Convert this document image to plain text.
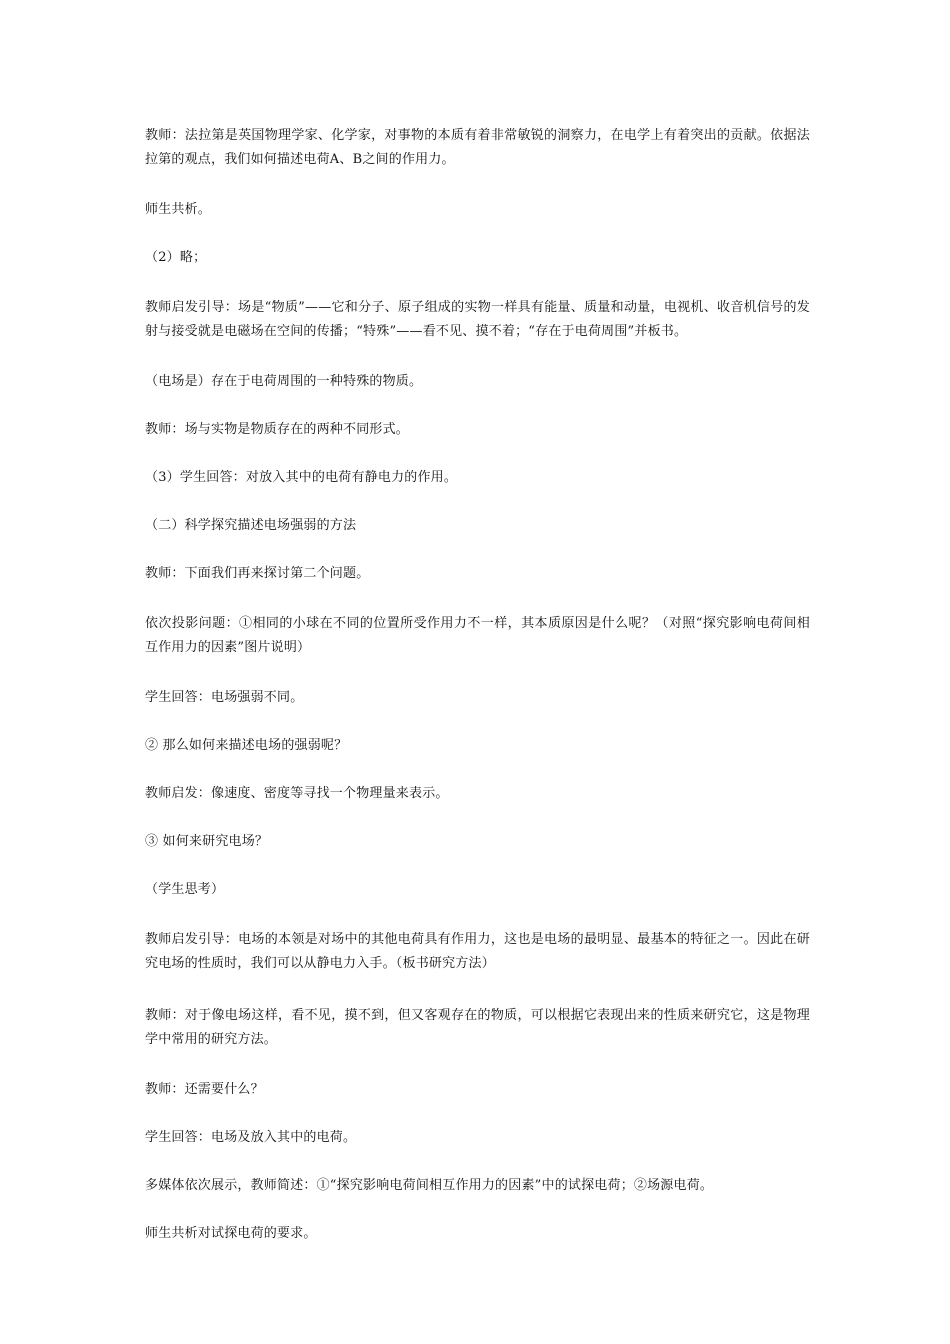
教师：法拉第是英国物理学家、化学家，对事物的本质有着非常敏锐的洞察力，在电学上有着突出的贡献。依据法拉第的观点，我们如何描述电荷A、B之间的作用力。

师生共析。

（2）略；

教师启发引导：场是“物质”——它和分子、原子组成的实物一样具有能量、质量和动量，电视机、收音机信号的发射与接受就是电磁场在空间的传播；“特殊”——看不见、摸不着；“存在于电荷周围”并板书。

（电场是）存在于电荷周围的一种特殊的物质。

教师：场与实物是物质存在的两种不同形式。

（3）学生回答：对放入其中的电荷有静电力的作用。

（二）科学探究描述电场强弱的方法

教师：下面我们再来探讨第二个问题。

依次投影问题：①相同的小球在不同的位置所受作用力不一样，其本质原因是什么呢？（对照“探究影响电荷间相互作用力的因素”图片说明）

学生回答：电场强弱不同。

② 那么如何来描述电场的强弱呢？

教师启发：像速度、密度等寻找一个物理量来表示。

③ 如何来研究电场？

（学生思考）

教师启发引导：电场的本领是对场中的其他电荷具有作用力，这也是电场的最明显、最基本的特征之一。因此在研究电场的性质时，我们可以从静电力入手。（板书研究方法）

教师：对于像电场这样，看不见，摸不到，但又客观存在的物质，可以根据它表现出来的性质来研究它，这是物理学中常用的研究方法。

教师：还需要什么？

学生回答：电场及放入其中的电荷。

多媒体依次展示，教师简述：①“探究影响电荷间相互作用力的因素”中的试探电荷；②场源电荷。

师生共析对试探电荷的要求。
